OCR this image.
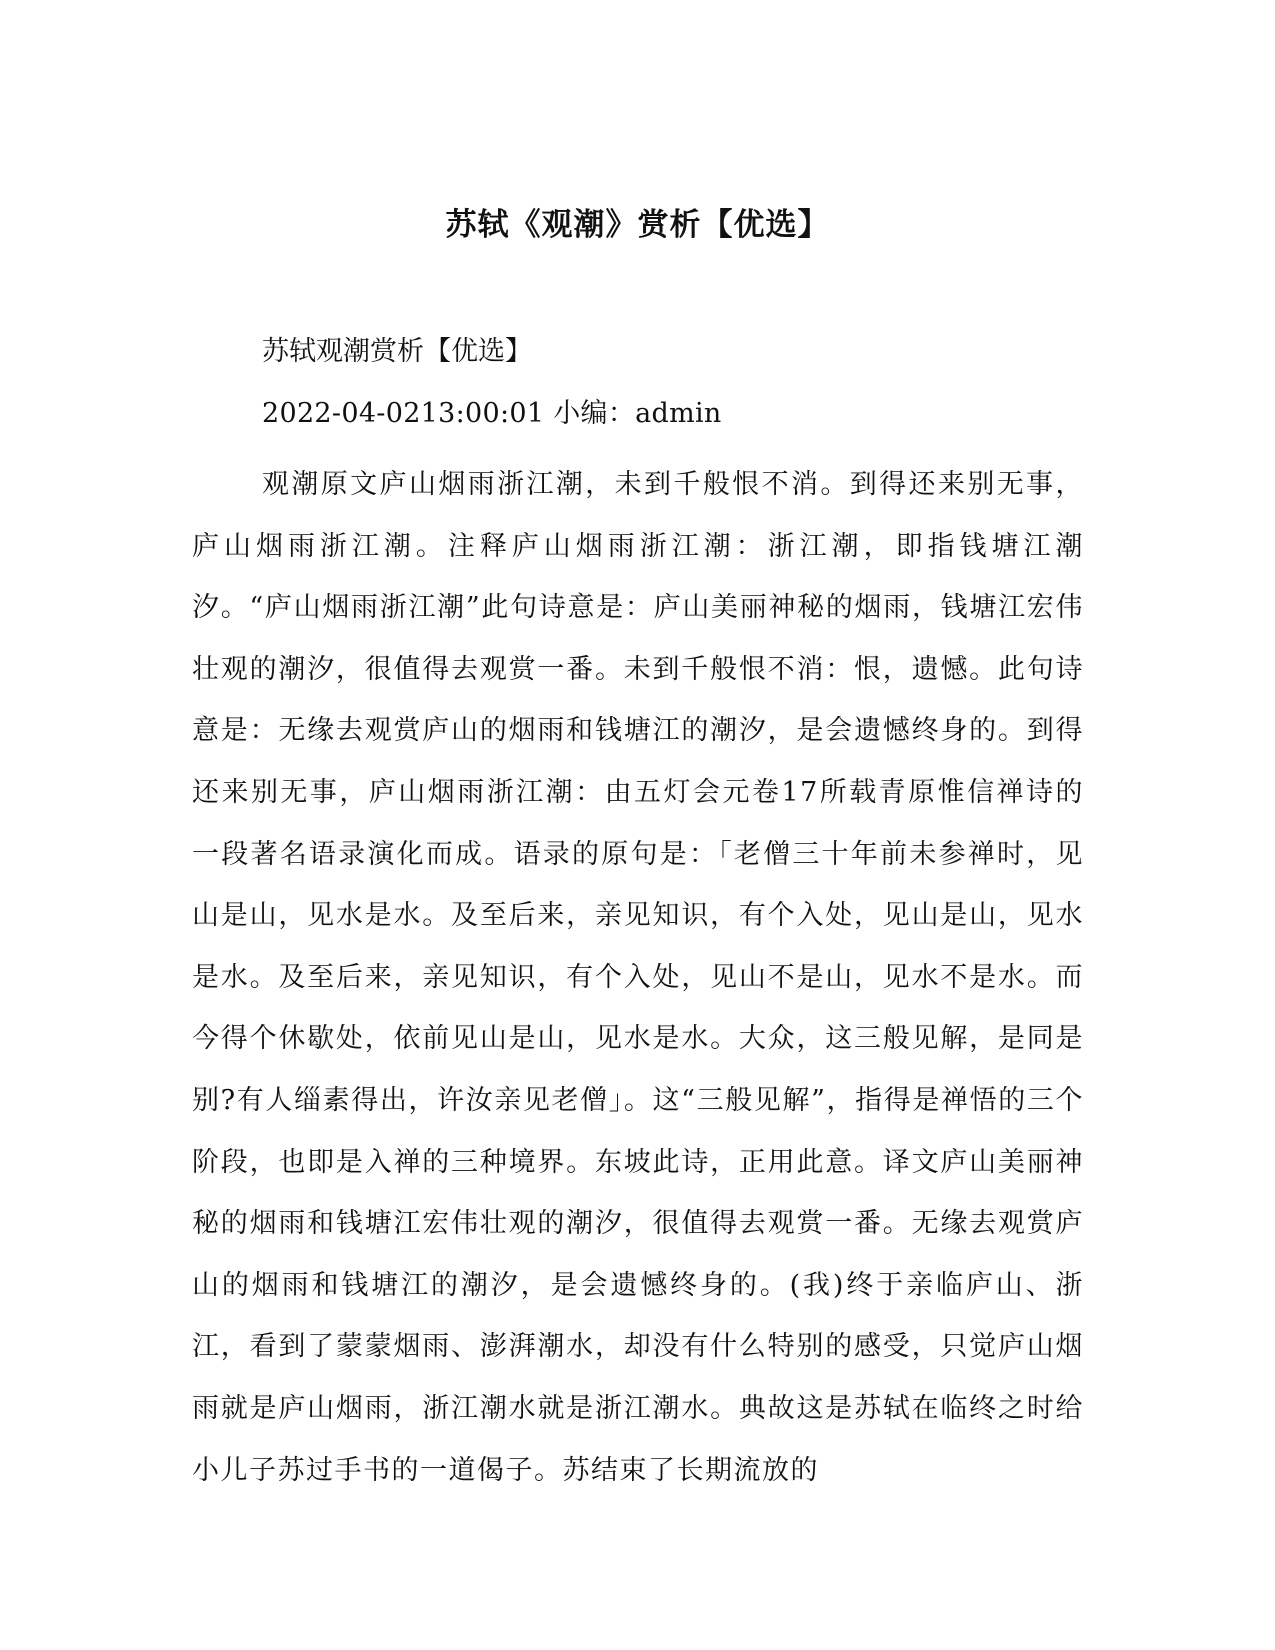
苏轼《观潮》赏析【优选】

苏轼观潮赏析【优选】

2022-04-0213:00:01 小编：admin

观潮原文庐山烟雨浙江潮，未到千般恨不消。到得还来别无事，庐山烟雨浙江潮。注释庐山烟雨浙江潮：浙江潮，即指钱塘江潮汐。“庐山烟雨浙江潮”此句诗意是：庐山美丽神秘的烟雨，钱塘江宏伟壮观的潮汐，很值得去观赏一番。未到千般恨不消：恨，遗憾。此句诗意是：无缘去观赏庐山的烟雨和钱塘江的潮汐，是会遗憾终身的。到得还来别无事，庐山烟雨浙江潮：由五灯会元卷17所载青原惟信禅诗的一段著名语录演化而成。语录的原句是：「老僧三十年前未参禅时，见山是山，见水是水。及至后来，亲见知识，有个入处，见山是山，见水是水。及至后来，亲见知识，有个入处，见山不是山，见水不是水。而今得个休歇处，依前见山是山，见水是水。大众，这三般见解，是同是别?有人缁素得出，许汝亲见老僧」。这“三般见解”，指得是禅悟的三个阶段，也即是入禅的三种境界。东坡此诗，正用此意。译文庐山美丽神秘的烟雨和钱塘江宏伟壮观的潮汐，很值得去观赏一番。无缘去观赏庐山的烟雨和钱塘江的潮汐，是会遗憾终身的。(我)终于亲临庐山、浙江，看到了蒙蒙烟雨、澎湃潮水，却没有什么特别的感受，只觉庐山烟雨就是庐山烟雨，浙江潮水就是浙江潮水。典故这是苏轼在临终之时给小儿子苏过手书的一道偈子。苏结束了长期流放的
